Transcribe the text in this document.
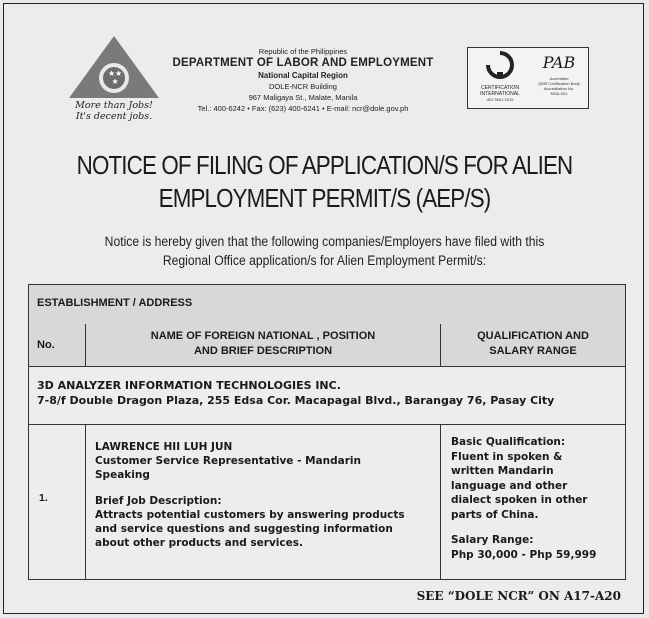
★ ★
★
More than Jobs!
It's decent jobs.
Republic of the Philippines
DEPARTMENT OF LABOR AND EMPLOYMENT
National Capital Region
DOLE-NCR Building
967 Maligaya St., Malate, Manila
Tel.: 400-6242 • Fax: (623) 400-6241 • E-mail: ncr@dole.gov.ph
CERTIFICATION
INTERNATIONAL
ISO 9001:2015
PAB
Accredited
QMS Certification Body
Accreditation No.
MSA-001
NOTICE OF FILING OF APPLICATION/S FOR ALIEN
EMPLOYMENT PERMIT/S (AEP/S)
Notice is hereby given that the following companies/Employers have filed with this
Regional Office application/s for Alien Employment Permit/s:
ESTABLISHMENT / ADDRESS
No.
NAME OF FOREIGN NATIONAL , POSITION
AND BRIEF DESCRIPTION
QUALIFICATION AND
SALARY RANGE
3D ANALYZER INFORMATION TECHNOLOGIES INC.
7-8/f Double Dragon Plaza, 255 Edsa Cor. Macapagal Blvd., Barangay 76, Pasay City
1.
LAWRENCE HII LUH JUN
Customer Service Representative - Mandarin
Speaking
Brief Job Description:
Attracts potential customers by answering products
and service questions and suggesting information
about other products and services.
Basic Qualification:
Fluent in spoken &
written Mandarin
language and other
dialect spoken in other
parts of China.
Salary Range:
Php 30,000 - Php 59,999
SEE “DOLE NCR” ON A17-A20
